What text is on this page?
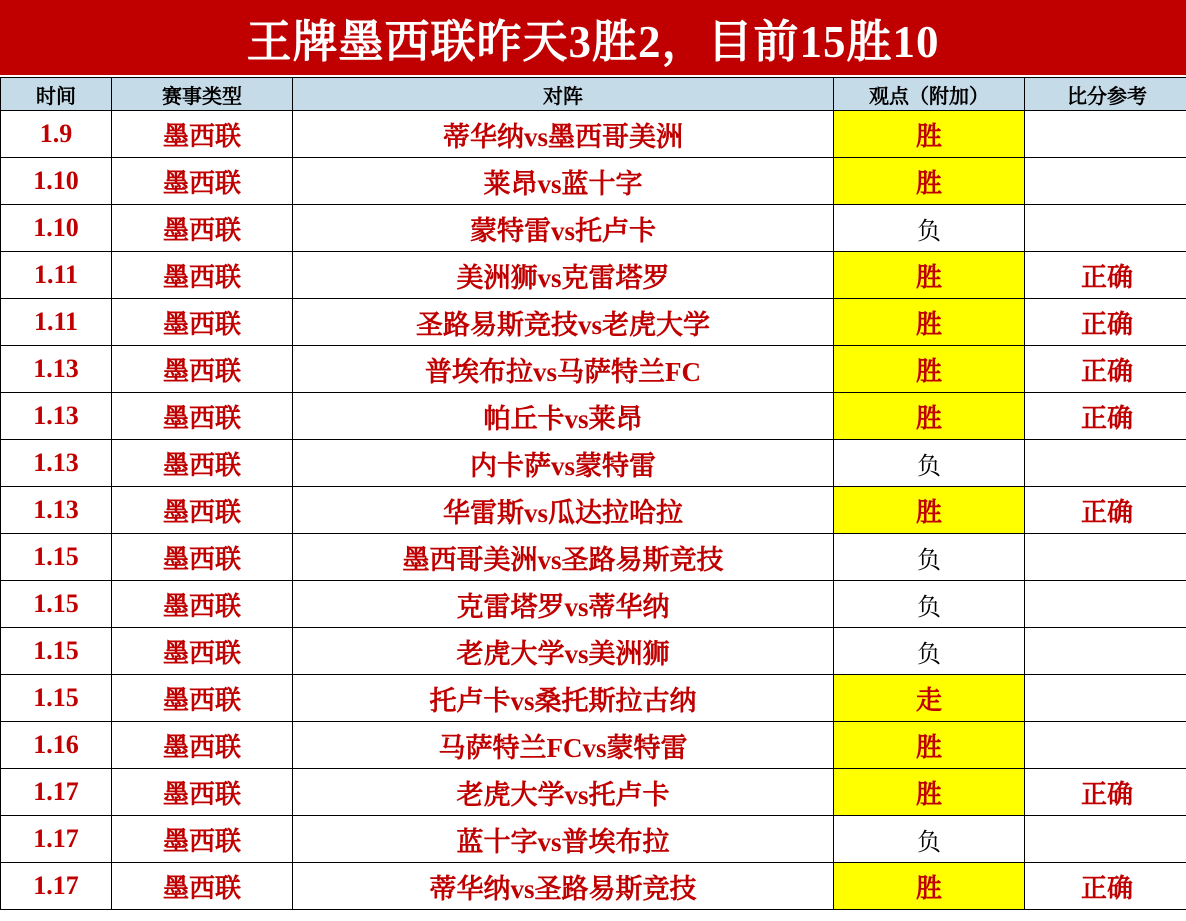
王牌墨西联昨天3胜2，目前15胜10
时间	赛事类型	对阵	观点（附加）	比分参考
1.9	墨西联	蒂华纳vs墨西哥美洲	胜	
1.10	墨西联	莱昂vs蓝十字	胜	
1.10	墨西联	蒙特雷vs托卢卡	负	
1.11	墨西联	美洲狮vs克雷塔罗	胜	正确
1.11	墨西联	圣路易斯竞技vs老虎大学	胜	正确
1.13	墨西联	普埃布拉vs马萨特兰FC	胜	正确
1.13	墨西联	帕丘卡vs莱昂	胜	正确
1.13	墨西联	内卡萨vs蒙特雷	负	
1.13	墨西联	华雷斯vs瓜达拉哈拉	胜	正确
1.15	墨西联	墨西哥美洲vs圣路易斯竞技	负	
1.15	墨西联	克雷塔罗vs蒂华纳	负	
1.15	墨西联	老虎大学vs美洲狮	负	
1.15	墨西联	托卢卡vs桑托斯拉古纳	走	
1.16	墨西联	马萨特兰FCvs蒙特雷	胜	
1.17	墨西联	老虎大学vs托卢卡	胜	正确
1.17	墨西联	蓝十字vs普埃布拉	负	
1.17	墨西联	蒂华纳vs圣路易斯竞技	胜	正确
